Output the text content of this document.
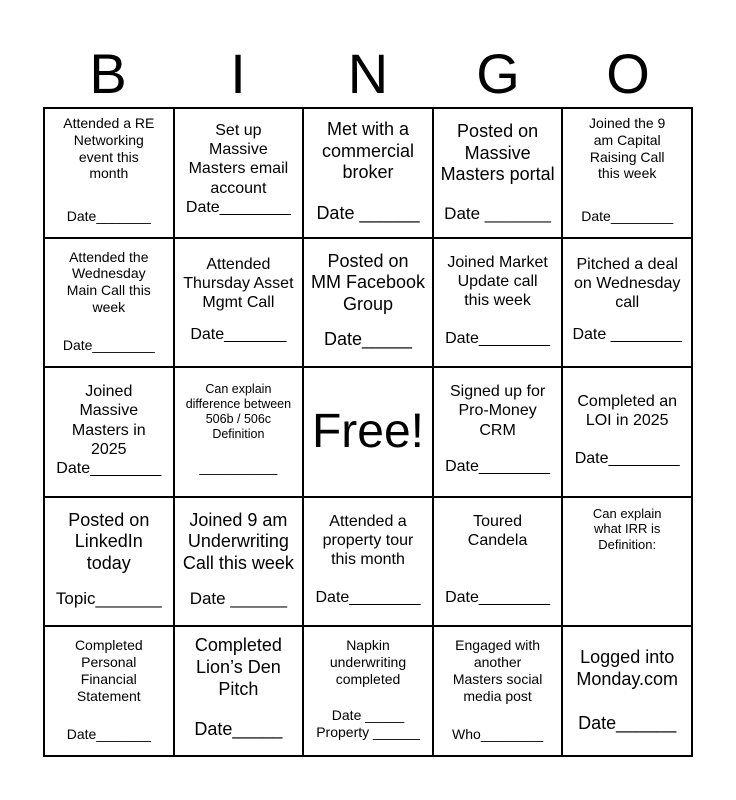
B	I	N	G	O
Attended a RE
Networking
event this
month
Date_______
Set up
Massive
Masters email
account
Date________
Met with a
commercial
broker
Date ______
Posted on
Massive
Masters portal
Date _______
Joined the 9
am Capital
Raising Call
this week
Date________
Attended the
Wednesday
Main Call this
week
Date________
Attended
Thursday Asset
Mgmt Call
Date_______
Posted on
MM Facebook
Group
Date_____
Joined Market
Update call
this week
Date________
Pitched a deal
on Wednesday
call
Date ________
Joined
Massive
Masters in
2025
Date________
Can explain
difference between
506b / 506c
Definition
__________
Free!
Signed up for
Pro-Money
CRM
Date________
Completed an
LOI in 2025
Date________
Posted on
LinkedIn
today
Topic_______
Joined 9 am
Underwriting
Call this week
Date ______
Attended a
property tour
this month
Date________
Toured
Candela
Date________
Can explain
what IRR is
Definition:
Completed
Personal
Financial
Statement
Date_______
Completed
Lion’s Den
Pitch
Date_____
Napkin
underwriting
completed
Date _____
Property ______
Engaged with
another
Masters social
media post
Who________
Logged into
Monday.com
Date______
